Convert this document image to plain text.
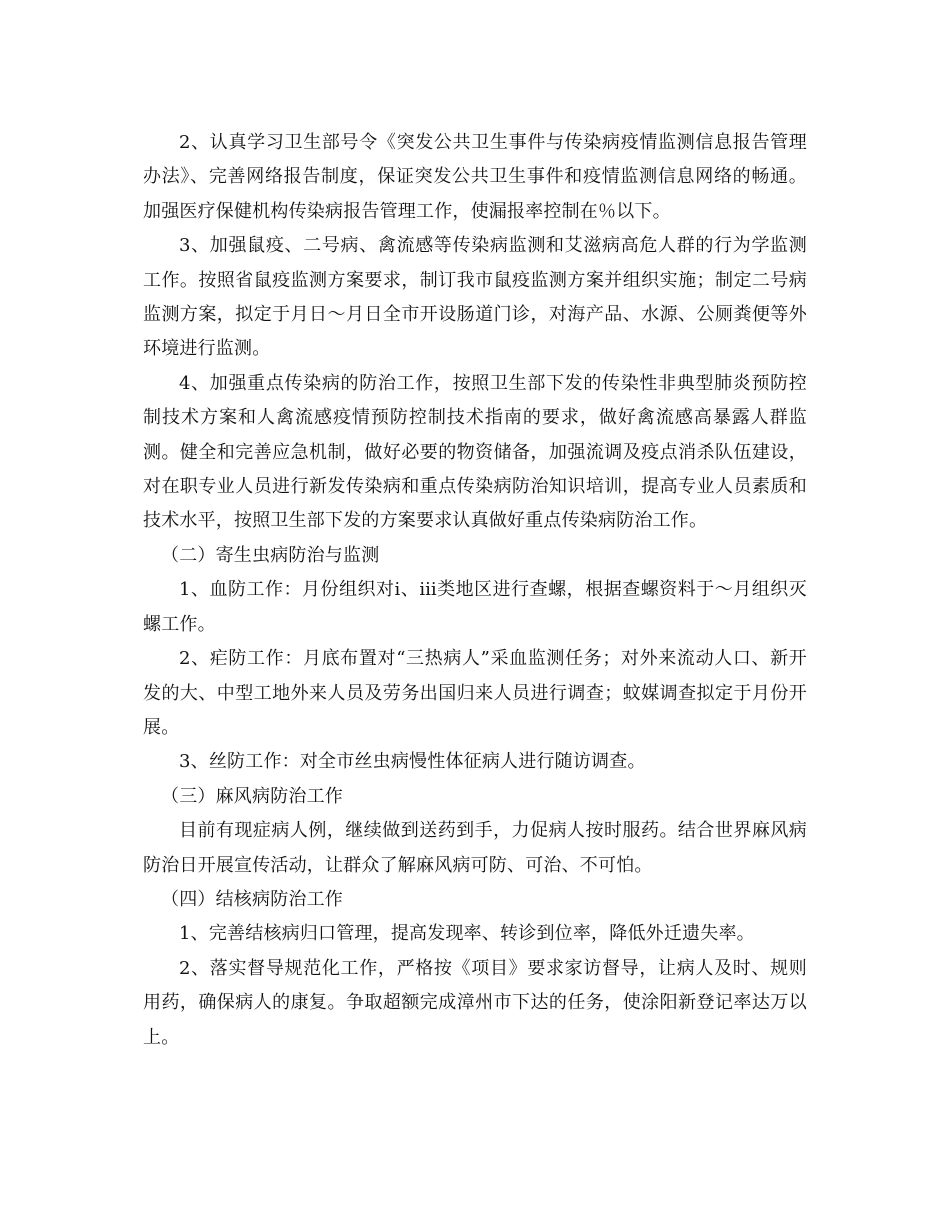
2、认真学习卫生部号令《突发公共卫生事件与传染病疫情监测信息报告管理办法》、完善网络报告制度，保证突发公共卫生事件和疫情监测信息网络的畅通。加强医疗保健机构传染病报告管理工作，使漏报率控制在％以下。

3、加强鼠疫、二号病、禽流感等传染病监测和艾滋病高危人群的行为学监测工作。按照省鼠疫监测方案要求，制订我市鼠疫监测方案并组织实施；制定二号病监测方案，拟定于月日～月日全市开设肠道门诊，对海产品、水源、公厕粪便等外环境进行监测。

4、加强重点传染病的防治工作，按照卫生部下发的传染性非典型肺炎预防控制技术方案和人禽流感疫情预防控制技术指南的要求，做好禽流感高暴露人群监测。健全和完善应急机制，做好必要的物资储备，加强流调及疫点消杀队伍建设，对在职专业人员进行新发传染病和重点传染病防治知识培训，提高专业人员素质和技术水平，按照卫生部下发的方案要求认真做好重点传染病防治工作。

（二）寄生虫病防治与监测

1、血防工作：月份组织对ⅰ、ⅲ类地区进行查螺，根据查螺资料于～月组织灭螺工作。

2、疟防工作：月底布置对“三热病人”采血监测任务；对外来流动人口、新开发的大、中型工地外来人员及劳务出国归来人员进行调查；蚊媒调查拟定于月份开展。

3、丝防工作：对全市丝虫病慢性体征病人进行随访调查。

（三）麻风病防治工作

目前有现症病人例，继续做到送药到手，力促病人按时服药。结合世界麻风病防治日开展宣传活动，让群众了解麻风病可防、可治、不可怕。

（四）结核病防治工作

1、完善结核病归口管理，提高发现率、转诊到位率，降低外迁遗失率。

2、落实督导规范化工作，严格按《项目》要求家访督导，让病人及时、规则用药，确保病人的康复。争取超额完成漳州市下达的任务，使涂阳新登记率达万以上。
